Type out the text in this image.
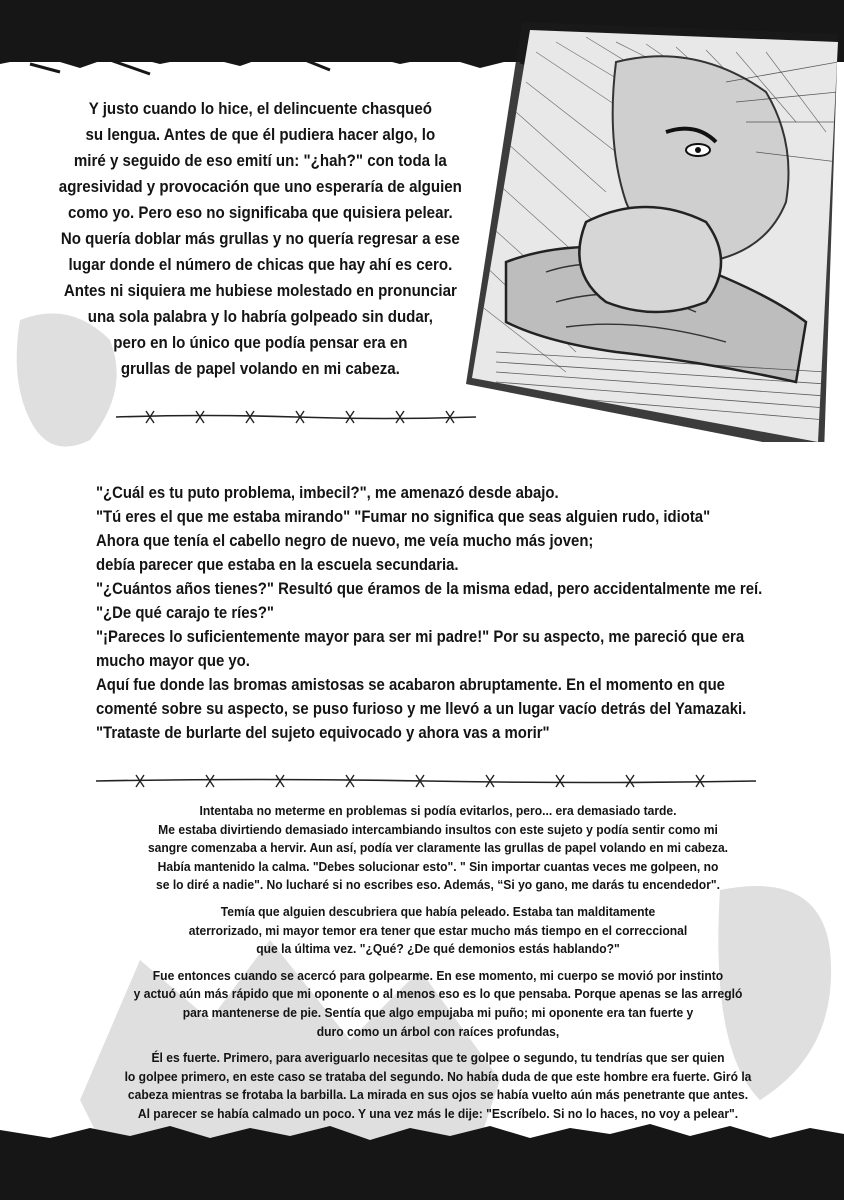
Y justo cuando lo hice, el delincuente chasqueó
su lengua. Antes de que él pudiera hacer algo, lo
miré y seguido de eso emití un: "¿hah?" con toda la
agresividad y provocación que uno esperaría de alguien
como yo. Pero eso no significaba que quisiera pelear.
No quería doblar más grullas y no quería regresar a ese
lugar donde el número de chicas que hay ahí es cero.
Antes ni siquiera me hubiese molestado en pronunciar
una sola palabra y lo habría golpeado sin dudar,
pero en lo único que podía pensar era en
grullas de papel volando en mi cabeza.
"¿Cuál es tu puto problema, imbecil?", me amenazó desde abajo.
"Tú eres el que me estaba mirando" "Fumar no significa que seas alguien rudo, idiota"
Ahora que tenía el cabello negro de nuevo, me veía mucho más joven;
debía parecer que estaba en la escuela secundaria.
"¿Cuántos años tienes?" Resultó que éramos de la misma edad, pero accidentalmente me reí.
"¿De qué carajo te ríes?"
"¡Pareces lo suficientemente mayor para ser mi padre!" Por su aspecto, me pareció que era
mucho mayor que yo.
Aquí fue donde las bromas amistosas se acabaron abruptamente. En el momento en que
comenté sobre su aspecto, se puso furioso y me llevó a un lugar vacío detrás del Yamazaki.
"Trataste de burlarte del sujeto equivocado y ahora vas a morir"
Intentaba no meterme en problemas si podía evitarlos, pero... era demasiado tarde.
Me estaba divirtiendo demasiado intercambiando insultos con este sujeto y podía sentir como mi
sangre comenzaba a hervir. Aun así, podía ver claramente las grullas de papel volando en mi cabeza.
Había mantenido la calma. "Debes solucionar esto". " Sin importar cuantas veces me golpeen, no
se lo diré a nadie". No lucharé si no escribes eso. Además, “Si yo gano, me darás tu encendedor".
Temía que alguien descubriera que había peleado. Estaba tan malditamente
aterrorizado, mi mayor temor era tener que estar mucho más tiempo en el correccional
que la última vez. "¿Qué? ¿De qué demonios estás hablando?"
Fue entonces cuando se acercó para golpearme. En ese momento, mi cuerpo se movió por instinto
y actuó aún más rápido que mi oponente o al menos eso es lo que pensaba. Porque apenas se las arregló
para mantenerse de pie. Sentía que algo empujaba mi puño; mi oponente era tan fuerte y
duro como un árbol con raíces profundas,
Él es fuerte. Primero, para averiguarlo necesitas que te golpee o segundo, tu tendrías que ser quien
lo golpee primero, en este caso se trataba del segundo. No había duda de que este hombre era fuerte. Giró la
cabeza mientras se frotaba la barbilla. La mirada en sus ojos se había vuelto aún más penetrante que antes.
Al parecer se había calmado un poco. Y una vez más le dije: "Escríbelo. Si no lo haces, no voy a pelear".
